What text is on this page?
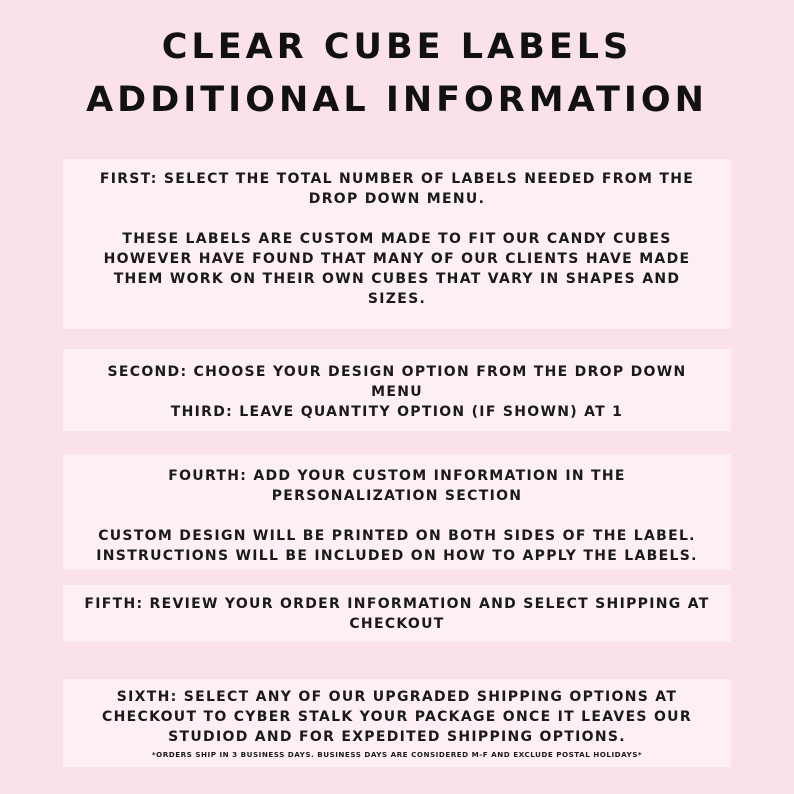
CLEAR CUBE LABELS
ADDITIONAL INFORMATION

FIRST: SELECT THE TOTAL NUMBER OF LABELS NEEDED FROM THE DROP DOWN MENU.

THESE LABELS ARE CUSTOM MADE TO FIT OUR CANDY CUBES HOWEVER HAVE FOUND THAT MANY OF OUR CLIENTS HAVE MADE THEM WORK ON THEIR OWN CUBES THAT VARY IN SHAPES AND SIZES.

SECOND: CHOOSE YOUR DESIGN OPTION FROM THE DROP DOWN MENU

THIRD: LEAVE QUANTITY OPTION (IF SHOWN) AT 1

FOURTH: ADD YOUR CUSTOM INFORMATION IN THE PERSONALIZATION SECTION

CUSTOM DESIGN WILL BE PRINTED ON BOTH SIDES OF THE LABEL. INSTRUCTIONS WILL BE INCLUDED ON HOW TO APPLY THE LABELS.

FIFTH: REVIEW YOUR ORDER INFORMATION AND SELECT SHIPPING AT CHECKOUT

SIXTH: SELECT ANY OF OUR UPGRADED SHIPPING OPTIONS AT CHECKOUT TO CYBER STALK YOUR PACKAGE ONCE IT LEAVES OUR STUDIOD AND FOR EXPEDITED SHIPPING OPTIONS.

*ORDERS SHIP IN 3 BUSINESS DAYS. BUSINESS DAYS ARE CONSIDERED M-F AND EXCLUDE POSTAL HOLIDAYS*
